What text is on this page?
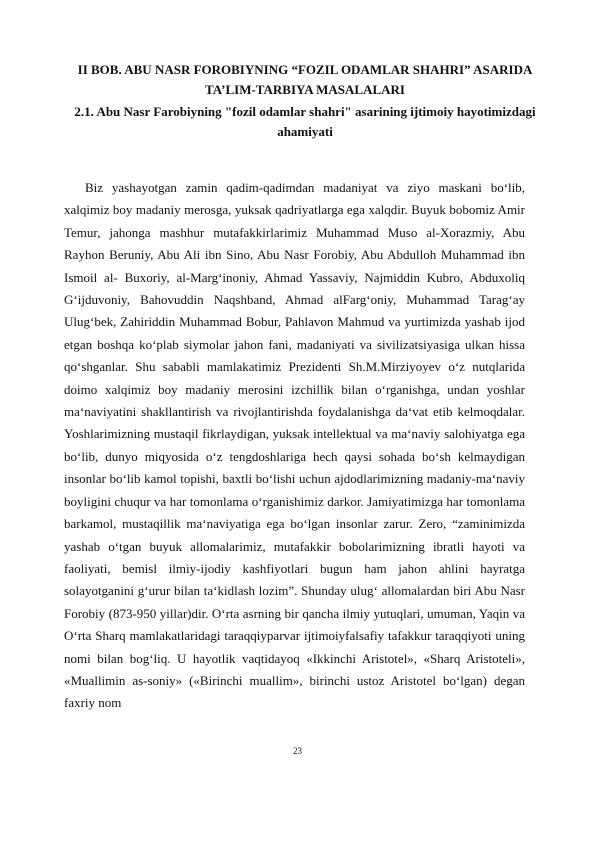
II BOB. ABU NASR FOROBIYNING “FOZIL ODAMLAR SHAHRI” ASARIDA TA’LIM-TARBIYA MASALALARI
2.1. Abu Nasr Farobiyning "fozil odamlar shahri" asarining ijtimoiy hayotimizdagi ahamiyati

Biz yashayotgan zamin qadim-qadimdan madaniyat va ziyo maskani bo‘lib, xalqimiz boy madaniy merosga, yuksak qadriyatlarga ega xalqdir. Buyuk bobomiz Amir Temur, jahonga mashhur mutafakkirlarimiz Muhammad Muso al-Xorazmiy, Abu Rayhon Beruniy, Abu Ali ibn Sino, Abu Nasr Forobiy, Abu Abdulloh Muhammad ibn Ismoil al- Buxoriy, al-Marg‘inoniy, Ahmad Yassaviy, Najmiddin Kubro, Abduxoliq G‘ijduvoniy, Bahovuddin Naqshband, Ahmad alFarg‘oniy, Muhammad Tarag‘ay Ulug‘bek, Zahiriddin Muhammad Bobur, Pahlavon Mahmud va yurtimizda yashab ijod etgan boshqa ko‘plab siymolar jahon fani, madaniyati va sivilizatsiyasiga ulkan hissa qo‘shganlar. Shu sababli mamlakatimiz Prezidenti Sh.M.Mirziyoyev o‘z nutqlarida doimo xalqimiz boy madaniy merosini izchillik bilan o‘rganishga, undan yoshlar ma‘naviyatini shakllantirish va rivojlantirishda foydalanishga da‘vat etib kelmoqdalar. Yoshlarimizning mustaqil fikrlaydigan, yuksak intellektual va ma‘naviy salohiyatga ega bo‘lib, dunyo miqyosida o‘z tengdoshlariga hech qaysi sohada bo‘sh kelmaydigan insonlar bo‘lib kamol topishi, baxtli bo‘lishi uchun ajdodlarimizning madaniy-ma‘naviy boyligini chuqur va har tomonlama o‘rganishimiz darkor. Jamiyatimizga har tomonlama barkamol, mustaqillik ma‘naviyatiga ega bo‘lgan insonlar zarur. Zero, “zaminimizda yashab o‘tgan buyuk allomalarimiz, mutafakkir bobolarimizning ibratli hayoti va faoliyati, bemisl ilmiy-ijodiy kashfiyotlari bugun ham jahon ahlini hayratga solayotganini g‘urur bilan ta‘kidlash lozim”. Shunday ulug‘ allomalardan biri Abu Nasr Forobiy (873-950 yillar)dir. O‘rta asrning bir qancha ilmiy yutuqlari, umuman, Yaqin va O‘rta Sharq mamlakatlaridagi taraqqiyparvar ijtimoiyfalsafiy tafakkur taraqqiyoti uning nomi bilan bog‘liq. U hayotlik vaqtidayoq «Ikkinchi Aristotel», «Sharq Aristoteli», «Muallimin as-soniy» («Birinchi muallim», birinchi ustoz Aristotel bo‘lgan) degan faxriy nom

23
